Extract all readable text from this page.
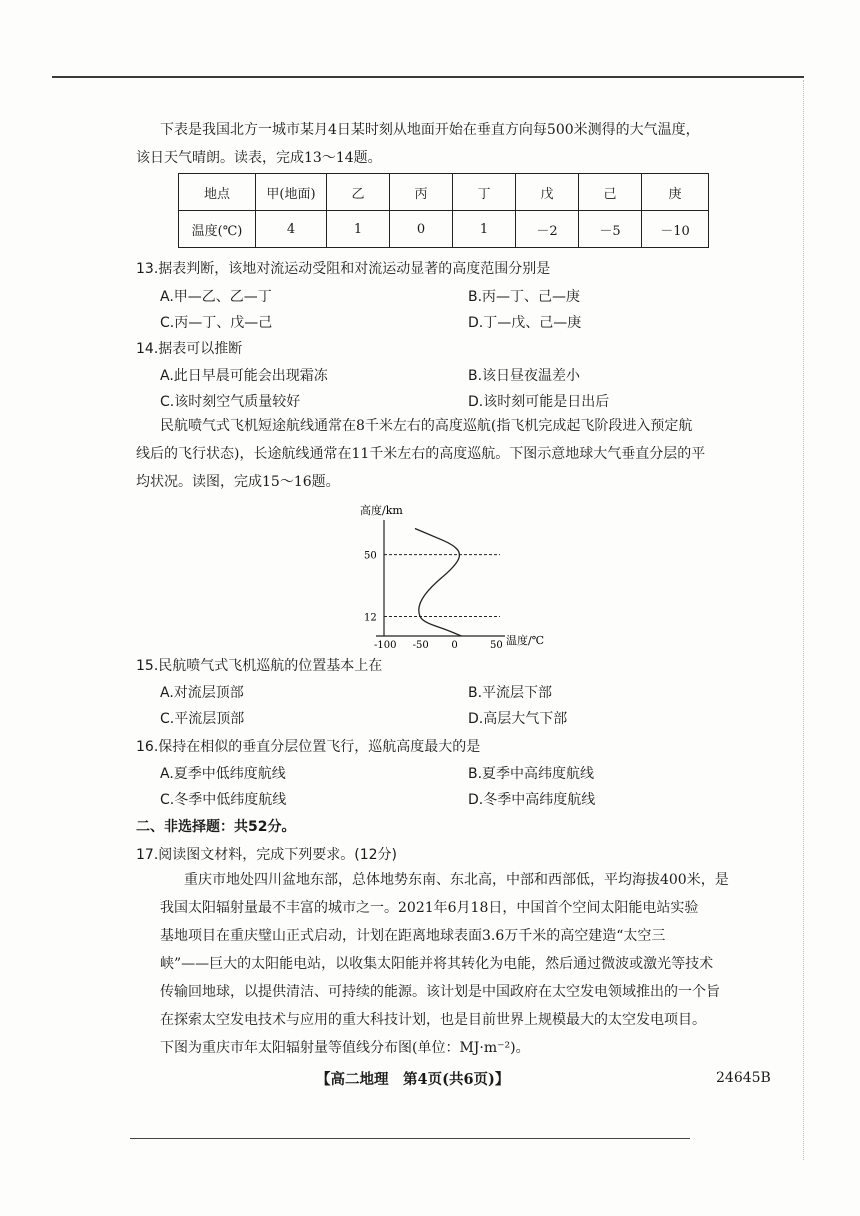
下表是我国北方一城市某月4日某时刻从地面开始在垂直方向每500米测得的大气温度，
该日天气晴朗。读表，完成13～14题。
地点	甲(地面)	乙	丙	丁	戊	己	庚
温度(℃)	4	1	0	1	－2	－5	－10
13.据表判断，该地对流运动受阻和对流运动显著的高度范围分别是
A.甲—乙、乙—丁	B.丙—丁、己—庚
C.丙—丁、戊—己	D.丁—戊、己—庚
14.据表可以推断
A.此日早晨可能会出现霜冻	B.该日昼夜温差小
C.该时刻空气质量较好	D.该时刻可能是日出后
民航喷气式飞机短途航线通常在8千米左右的高度巡航(指飞机完成起飞阶段进入预定航
线后的飞行状态)，长途航线通常在11千米左右的高度巡航。下图示意地球大气垂直分层的平
均状况。读图，完成15～16题。
高度/km
12
50
-100 -50 0	50 温度/℃
15.民航喷气式飞机巡航的位置基本上在
A.对流层顶部	B.平流层下部
C.平流层顶部	D.高层大气下部
16.保持在相似的垂直分层位置飞行，巡航高度最大的是
A.夏季中低纬度航线	B.夏季中高纬度航线
C.冬季中低纬度航线	D.冬季中高纬度航线
二、非选择题：共52分。
17.阅读图文材料，完成下列要求。(12分)
重庆市地处四川盆地东部，总体地势东南、东北高，中部和西部低，平均海拔400米，是
我国太阳辐射量最不丰富的城市之一。2021年6月18日，中国首个空间太阳能电站实验
基地项目在重庆璧山正式启动，计划在距离地球表面3.6万千米的高空建造“太空三
峡”——巨大的太阳能电站，以收集太阳能并将其转化为电能，然后通过微波或激光等技术
传输回地球，以提供清洁、可持续的能源。该计划是中国政府在太空发电领域推出的一个旨
在探索太空发电技术与应用的重大科技计划，也是目前世界上规模最大的太空发电项目。
下图为重庆市年太阳辐射量等值线分布图(单位：MJ·m⁻²)。
【高二地理　第4页(共6页)】	24645B
